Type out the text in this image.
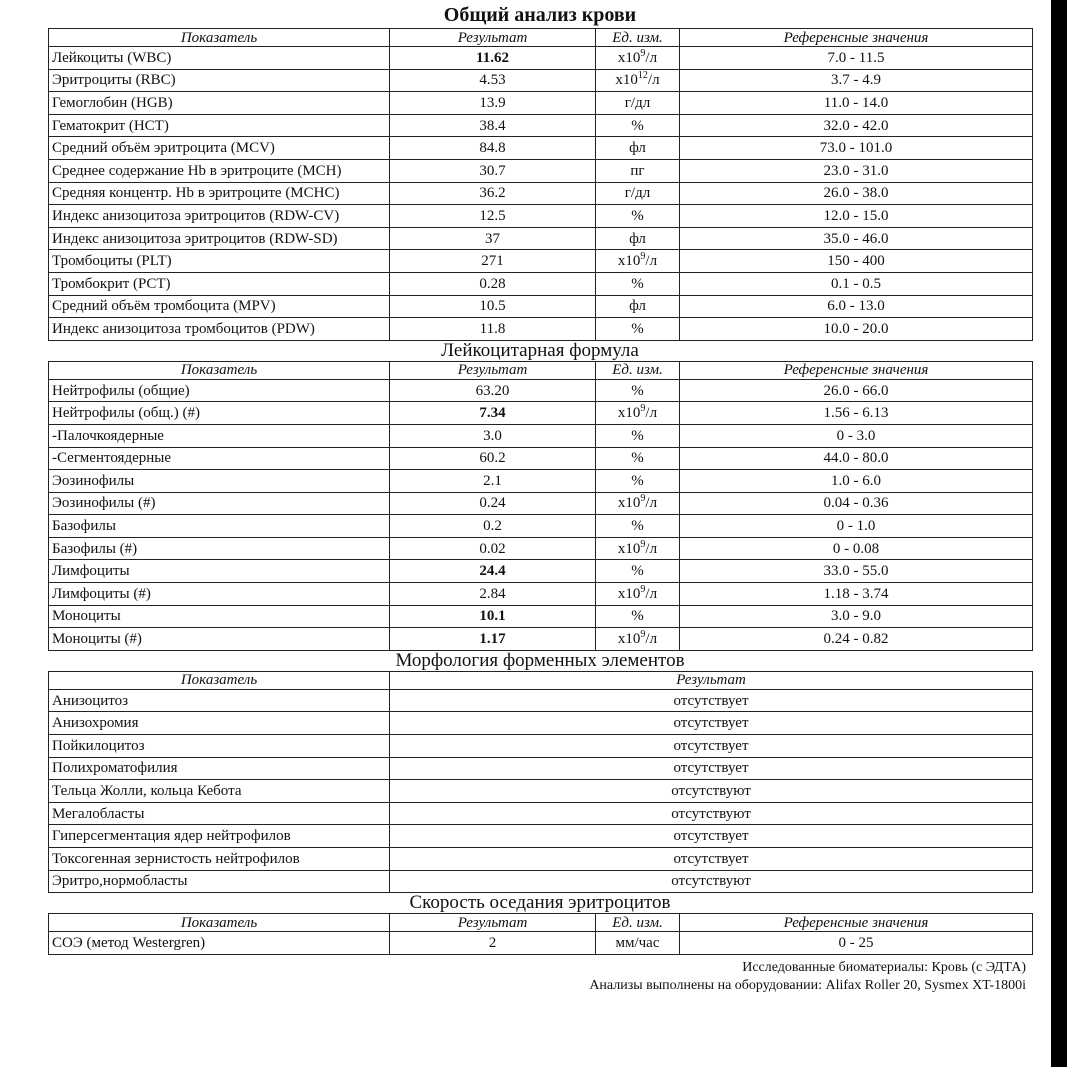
Общий анализ крови
Показатель	Результат	Ед. изм.	Референсные значения
Лейкоциты (WBC)	11.62	$x10^9/л$	7.0 - 11.5
Эритроциты (RBC)	4.53	$x10^{12}/л$	3.7 - 4.9
Гемоглобин (HGB)	13.9	г/дл	11.0 - 14.0
Гематокрит (HCT)	38.4	%	32.0 - 42.0
Средний объём эритроцита (MCV)	84.8	фл	73.0 - 101.0
Среднее содержание Hb в эритроците (MCH)	30.7	пг	23.0 - 31.0
Средняя концентр. Hb в эритроците (MCHC)	36.2	г/дл	26.0 - 38.0
Индекс анизоцитоза эритроцитов (RDW-CV)	12.5	%	12.0 - 15.0
Индекс анизоцитоза эритроцитов (RDW-SD)	37	фл	35.0 - 46.0
Тромбоциты (PLT)	271	$x10^9/л$	150 - 400
Тромбокрит (PCT)	0.28	%	0.1 - 0.5
Средний объём тромбоцита (MPV)	10.5	фл	6.0 - 13.0
Индекс анизоцитоза тромбоцитов (PDW)	11.8	%	10.0 - 20.0
Лейкоцитарная формула
Показатель	Результат	Ед. изм.	Референсные значения
Нейтрофилы (общие)	63.20	%	26.0 - 66.0
Нейтрофилы (общ.) (#)	7.34	$x10^9/л$	1.56 - 6.13
-Палочкоядерные	3.0	%	0 - 3.0
-Сегментоядерные	60.2	%	44.0 - 80.0
Эозинофилы	2.1	%	1.0 - 6.0
Эозинофилы (#)	0.24	$x10^9/л$	0.04 - 0.36
Базофилы	0.2	%	0 - 1.0
Базофилы (#)	0.02	$x10^9/л$	0 - 0.08
Лимфоциты	24.4	%	33.0 - 55.0
Лимфоциты (#)	2.84	$x10^9/л$	1.18 - 3.74
Моноциты	10.1	%	3.0 - 9.0
Моноциты (#)	1.17	$x10^9/л$	0.24 - 0.82
Морфология форменных элементов
Показатель	Результат
Анизоцитоз	отсутствует
Анизохромия	отсутствует
Пойкилоцитоз	отсутствует
Полихроматофилия	отсутствует
Тельца Жолли, кольца Кебота	отсутствуют
Мегалобласты	отсутствуют
Гиперсегментация ядер нейтрофилов	отсутствует
Токсогенная зернистость нейтрофилов	отсутствует
Эритро,нормобласты	отсутствуют
Скорость оседания эритроцитов
Показатель	Результат	Ед. изм.	Референсные значения
СОЭ (метод Westergren)	2	мм/час	0 - 25
Исследованные биоматериалы: Кровь (с ЭДТА)
Анализы выполнены на оборудовании: Alifax Roller 20, Sysmex XT-1800i
